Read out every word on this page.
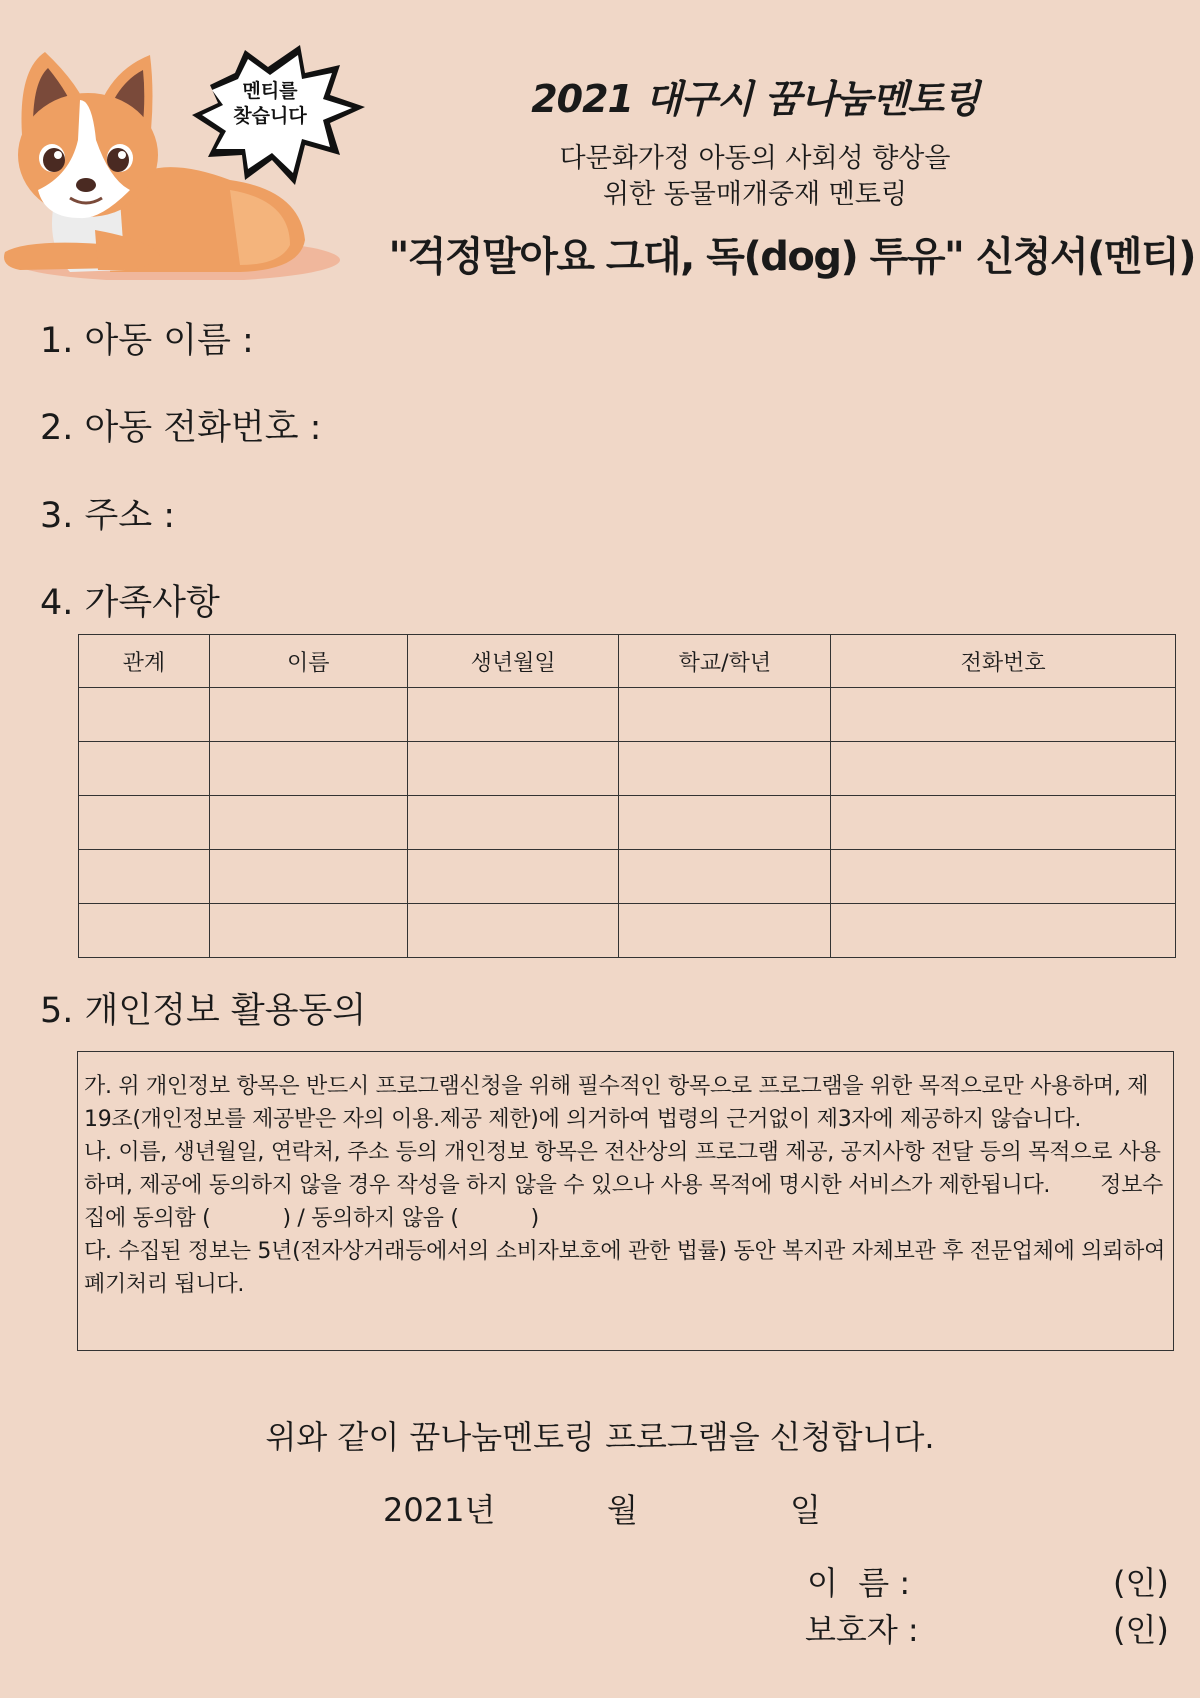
멘티를
찾습니다	2021 대구시 꿈나눔멘토링
다문화가정 아동의 사회성 향상을
위한 동물매개중재 멘토링
"걱정말아요 그대, 독(dog) 투유" 신청서(멘티)
1. 아동 이름 :
2. 아동 전화번호 :
3. 주소 :
4. 가족사항
관계	이름	생년월일	학교/학년	전화번호

5. 개인정보 활용동의

가. 위 개인정보 항목은 반드시 프로그램신청을 위해 필수적인 항목으로 프로그램을 위한 목적으로만 사용하며, 제19조(개인정보를 제공받은 자의 이용.제공 제한)에 의거하여 법령의 근거없이 제3자에 제공하지 않습니다.

나. 이름, 생년월일, 연락처, 주소 등의 개인정보 항목은 전산상의 프로그램 제공, 공지사항 전달 등의 목적으로 사용하며, 제공에 동의하지 않을 경우 작성을 하지 않을 수 있으나 사용 목적에 명시한 서비스가 제한됩니다. 정보수집에 동의함 (	) / 동의하지 않음 (	)

다. 수집된 정보는 5년(전자상거래등에서의 소비자보호에 관한 법률) 동안 복지관 자체보관 후 전문업체에 의뢰하여 폐기처리 됩니다.

위와 같이 꿈나눔멘토링 프로그램을 신청합니다.
2021년	월	일
이  름 :	(인)
보호자 :	(인)
